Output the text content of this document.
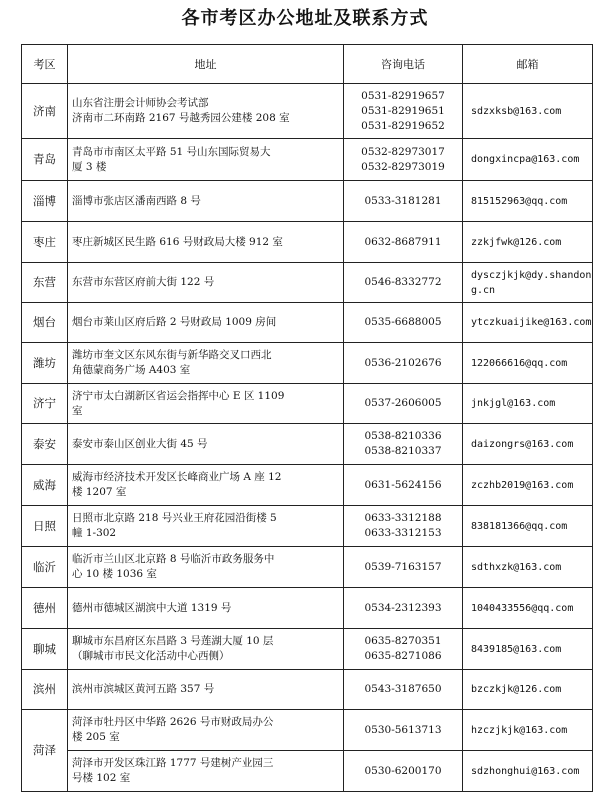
各市考区办公地址及联系方式
考区	地址	咨询电话	邮箱
济南	山东省注册会计师协会考试部
济南市二环南路 2167 号越秀园公建楼 208 室	0531-82919657
0531-82919651
0531-82919652	sdzxksb@163.com
青岛	青岛市市南区太平路 51 号山东国际贸易大
厦 3 楼	0532-82973017
0532-82973019	dongxincpa@163.com
淄博	淄博市张店区潘南西路 8 号	0533-3181281	815152963@qq.com
枣庄	枣庄新城区民生路 616 号财政局大楼 912 室	0632-8687911	zzkjfwk@126.com
东营	东营市东营区府前大街 122 号	0546-8332772	dysczjkjk@dy.shandong.cn
烟台	烟台市莱山区府后路 2 号财政局 1009 房间	0535-6688005	ytczkuaijike@163.com
潍坊	潍坊市奎文区东风东街与新华路交叉口西北
角德蒙商务广场 A403 室	0536-2102676	122066616@qq.com
济宁	济宁市太白湖新区省运会指挥中心 E 区 1109
室	0537-2606005	jnkjgl@163.com
泰安	泰安市泰山区创业大街 45 号	0538-8210336
0538-8210337	daizongrs@163.com
威海	威海市经济技术开发区长峰商业广场 A 座 12
楼 1207 室	0631-5624156	zczhb2019@163.com
日照	日照市北京路 218 号兴业王府花园沿街楼 5
幢 1-302	0633-3312188
0633-3312153	838181366@qq.com
临沂	临沂市兰山区北京路 8 号临沂市政务服务中
心 10 楼 1036 室	0539-7163157	sdthxzk@163.com
德州	德州市德城区湖滨中大道 1319 号	0534-2312393	1040433556@qq.com
聊城	聊城市东昌府区东昌路 3 号莲湖大厦 10 层
（聊城市市民文化活动中心西侧）	0635-8270351
0635-8271086	8439185@163.com
滨州	滨州市滨城区黄河五路 357 号	0543-3187650	bzczkjk@126.com
菏泽	菏泽市牡丹区中华路 2626 号市财政局办公
楼 205 室	0530-5613713	hzczjkjk@163.com

	菏泽市开发区珠江路 1777 号建树产业园三
号楼 102 室	0530-6200170	sdzhonghui@163.com
